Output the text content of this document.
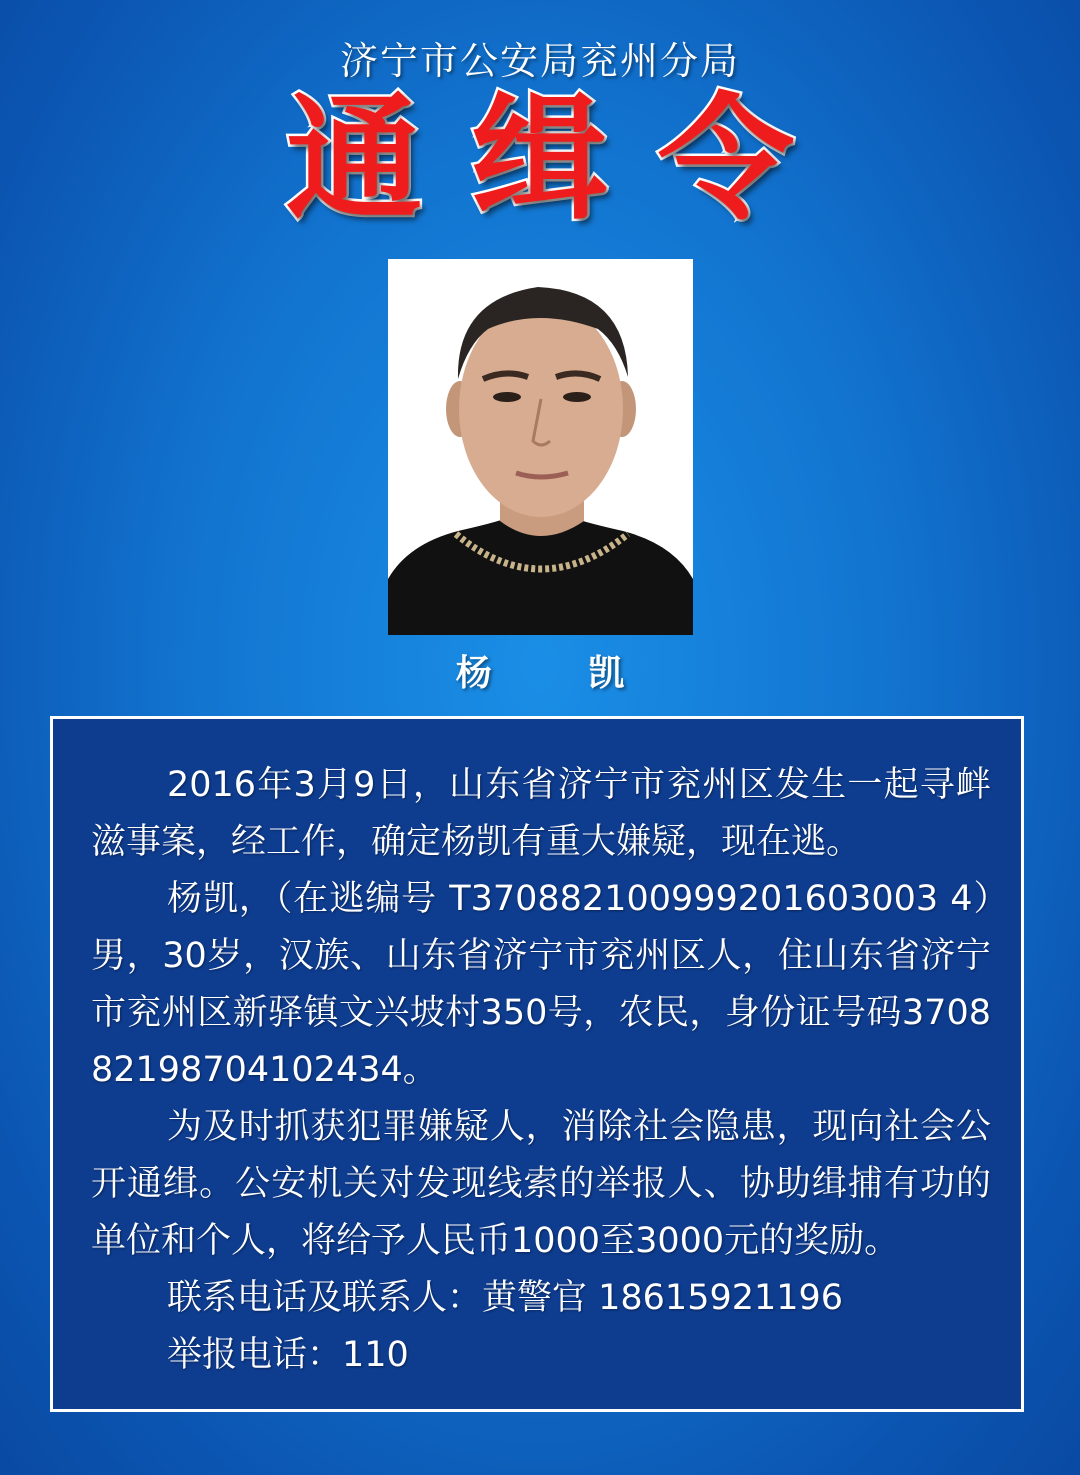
济宁市公安局兖州分局
通 缉 令
杨 凯

2016年3月9日，山东省济宁市兖州区发生一起寻衅滋事案，经工作，确定杨凯有重大嫌疑，现在逃。

杨凯，（在逃编号 T370882100999201603003 4）男，30岁，汉族、山东省济宁市兖州区人，住山东省济宁市兖州区新驿镇文兴坡村350号，农民，身份证号码370882198704102434。

为及时抓获犯罪嫌疑人，消除社会隐患，现向社会公开通缉。公安机关对发现线索的举报人、协助缉捕有功的单位和个人，将给予人民币1000至3000元的奖励。

联系电话及联系人：黄警官 18615921196

举报电话：110
